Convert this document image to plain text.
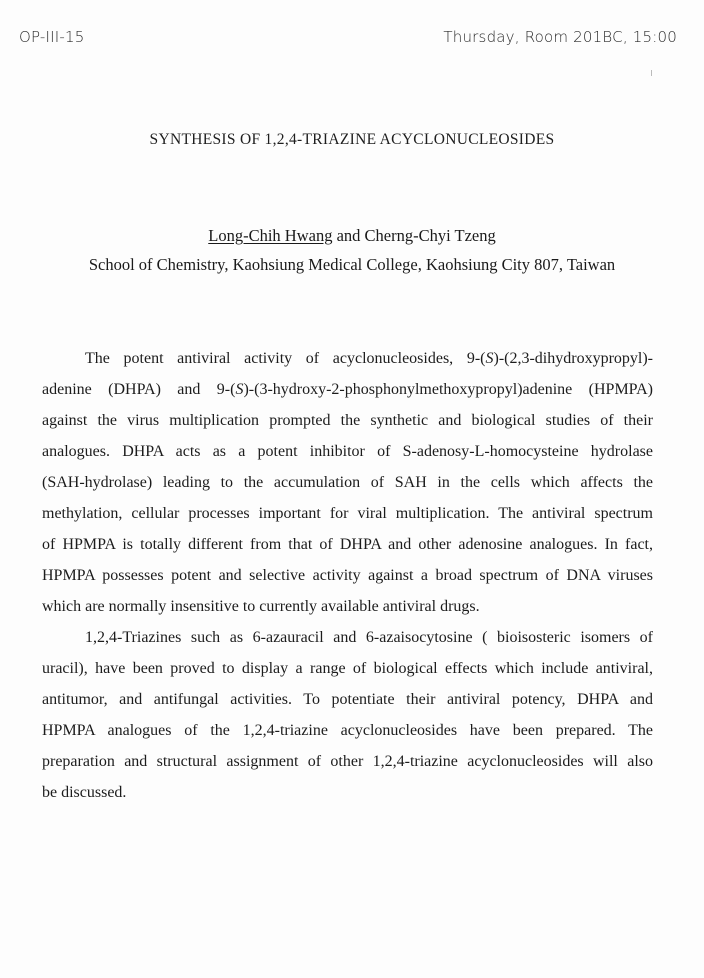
OP-III-15	Thursday, Room 201BC, 15:00
SYNTHESIS OF 1,2,4-TRIAZINE ACYCLONUCLEOSIDES
Long-Chih Hwang and Cherng-Chyi Tzeng
School of Chemistry, Kaohsiung Medical College, Kaohsiung City 807, Taiwan
The potent antiviral activity of acyclonucleosides, 9-(S)-(2,3-dihydroxypropyl)-
adenine (DHPA) and 9-(S)-(3-hydroxy-2-phosphonylmethoxypropyl)adenine (HPMPA)
against the virus multiplication prompted the synthetic and biological studies of their
analogues. DHPA acts as a potent inhibitor of S-adenosy-L-homocysteine hydrolase
(SAH-hydrolase) leading to the accumulation of SAH in the cells which affects the
methylation, cellular processes important for viral multiplication. The antiviral spectrum
of HPMPA is totally different from that of DHPA and other adenosine analogues. In fact,
HPMPA possesses potent and selective activity against a broad spectrum of DNA viruses
which are normally insensitive to currently available antiviral drugs.
1,2,4-Triazines such as 6-azauracil and 6-azaisocytosine ( bioisosteric isomers of
uracil), have been proved to display a range of biological effects which include antiviral,
antitumor, and antifungal activities. To potentiate their antiviral potency, DHPA and
HPMPA analogues of the 1,2,4-triazine acyclonucleosides have been prepared. The
preparation and structural assignment of other 1,2,4-triazine acyclonucleosides will also
be discussed.
